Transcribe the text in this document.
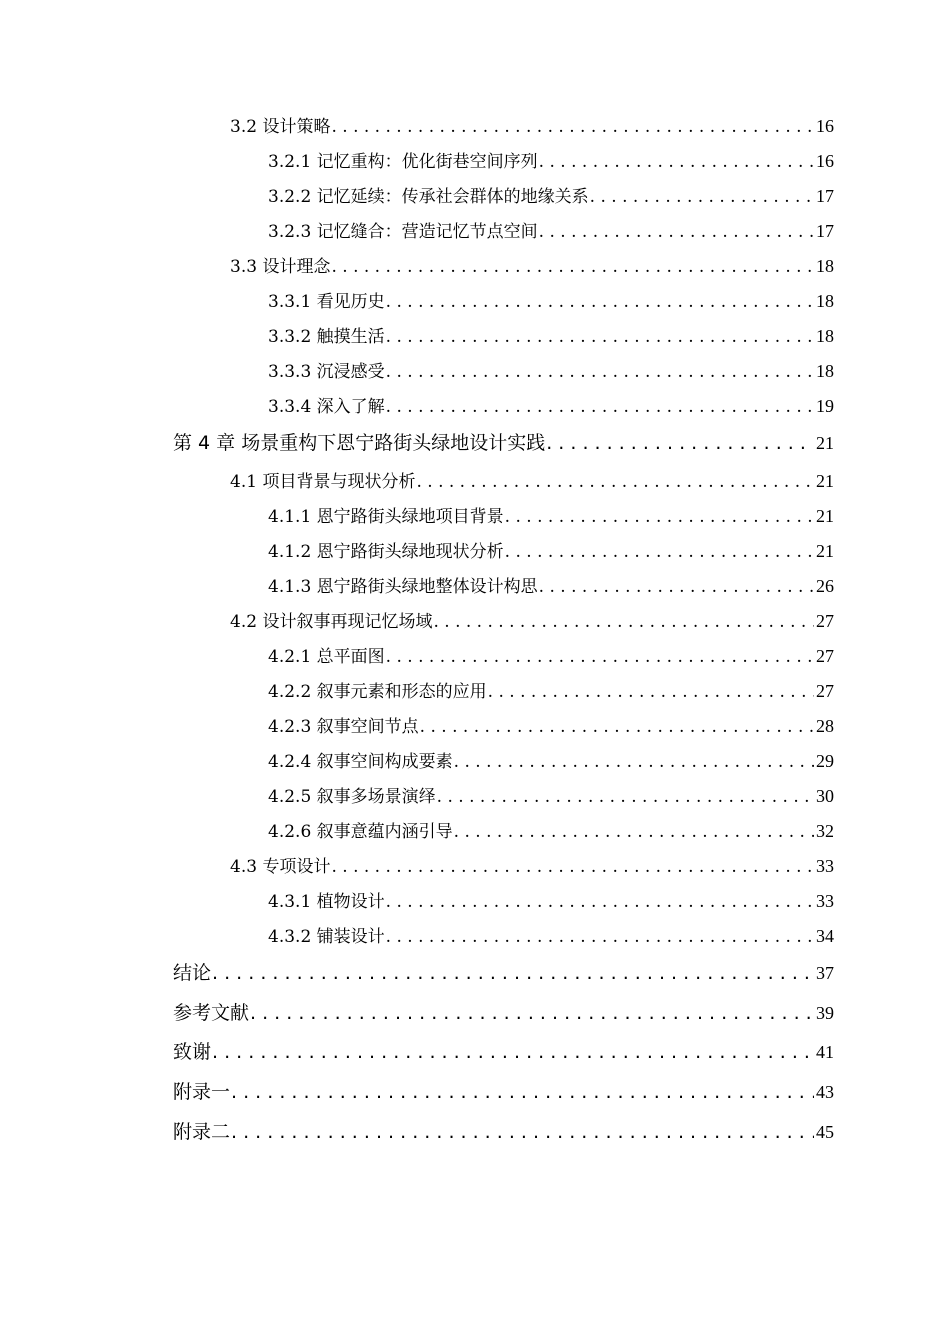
3.2 设计策略 . . .	16
3.2.1 记忆重构：优化街巷空间序列 . . .	16
3.2.2 记忆延续：传承社会群体的地缘关系 . . .	17
3.2.3 记忆缝合：营造记忆节点空间 . . .	17
3.3 设计理念 . . .	18
3.3.1 看见历史 . . .	18
3.3.2 触摸生活 . . .	18
3.3.3 沉浸感受 . . .	18
3.3.4 深入了解 . . .	19
第 4 章 场景重构下恩宁路街头绿地设计实践 . . .	21
4.1 项目背景与现状分析 . . .	21
4.1.1 恩宁路街头绿地项目背景 . . .	21
4.1.2 恩宁路街头绿地现状分析 . . .	21
4.1.3 恩宁路街头绿地整体设计构思 . . .	26
4.2 设计叙事再现记忆场域 . . .	27
4.2.1 总平面图 . . .	27
4.2.2 叙事元素和形态的应用 . . .	27
4.2.3 叙事空间节点 . . .	28
4.2.4 叙事空间构成要素 . . .	29
4.2.5 叙事多场景演绎 . . .	30
4.2.6 叙事意蕴内涵引导 . . .	32
4.3 专项设计 . . .	33
4.3.1 植物设计 . . .	33
4.3.2 铺装设计 . . .	34
结论 . . .	37
参考文献 . . .	39
致谢 . . .	41
附录一 . . .	43
附录二 . . .	45
